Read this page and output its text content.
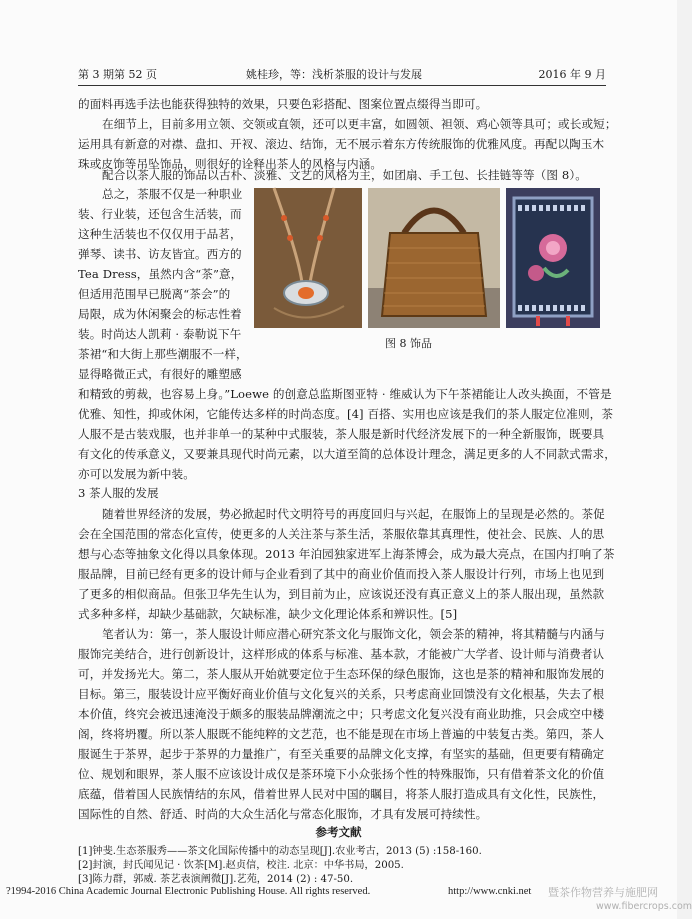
第 3 期第 52 页	姚桂珍，等：浅析茶服的设计与发展	2016 年 9 月
的面料再选手法也能获得独特的效果，只要色彩搭配、图案位置点缀得当即可。
在细节上，目前多用立领、交领或直领，还可以更丰富，如圆领、袒领、鸡心领等具可；或长或短；
运用具有新意的对襟、盘扣、开衩、滚边、结饰，无不展示着东方传统服饰的优雅风度。再配以陶玉木
珠或皮饰等吊坠饰品，则很好的诠释出茶人的风格与内涵。
配合以茶人服的饰品以古朴、淡雅、文艺的风格为主，如团扇、手工包、长挂链等等（图 8）。
总之，茶服不仅是一种职业
装、行业装，还包含生活装，而
这种生活装也不仅仅用于品茗，
弹琴、读书、访友皆宜。西方的
Tea Dress，虽然内含“茶”意，
但适用范围早已脱离“茶会”的
局限，成为休闲聚会的标志性着
装。时尚达人凯莉 · 泰勒说下午
茶裙“和大街上那些潮服不一样，
显得略微正式，有很好的雕塑感
图 8 饰品
和精致的剪裁，也容易上身。”Loewe 的创意总监斯图亚特 · 维威认为下午茶裙能让人改头换面，不管是
优雅、知性，抑或休闲，它能传达多样的时尚态度。[4] 百搭、实用也应该是我们的茶人服定位准则，茶
人服不是古装戏服，也并非单一的某种中式服装，茶人服是新时代经济发展下的一种全新服饰，既要具
有文化的传承意义，又要兼具现代时尚元素，以大道至简的总体设计理念，满足更多的人不同款式需求，
亦可以发展为新中装。
3 茶人服的发展
随着世界经济的发展，势必掀起时代文明符号的再度回归与兴起，在服饰上的呈现是必然的。茶促
会在全国范围的常态化宣传，使更多的人关注茶与茶生活，茶服依靠其真理性，使社会、民族、人的思
想与心态等抽象文化得以具象体现。2013 年泊园独家进军上海茶博会，成为最大亮点，在国内打响了茶
服品牌，目前已经有更多的设计师与企业看到了其中的商业价值而投入茶人服设计行列，市场上也见到
了更多的相似商品。但张卫华先生认为，到目前为止，应该说还没有真正意义上的茶人服出现，虽然款
式多种多样，却缺少基础款，欠缺标准，缺少文化理论体系和辨识性。[5]
笔者认为：第一，茶人服设计师应潜心研究茶文化与服饰文化，领会茶的精神，将其精髓与内涵与
服饰完美结合，进行创新设计，这样形成的体系与标准、基本款，才能被广大学者、设计师与消费者认
可，并发扬光大。第二，茶人服从开始就要定位于生态环保的绿色服饰，这也是茶的精神和服饰发展的
目标。第三，服装设计应平衡好商业价值与文化复兴的关系，只考虑商业回馈没有文化根基，失去了根
本价值，终究会被迅速淹没于颇多的服装品牌潮流之中；只考虑文化复兴没有商业助推，只会成空中楼
阁，终将坍覆。所以茶人服既不能纯粹的文艺范，也不能是现在市场上普遍的中装复古类。第四，茶人
服诞生于茶界，起步于茶界的力量推广，有至关重要的品牌文化支撑，有坚实的基础，但更要有精确定
位、规划和眼界，茶人服不应该设计成仅是茶环境下小众张扬个性的特殊服饰，只有借着茶文化的价值
底蕴，借着国人民族情结的东风，借着世界人民对中国的瞩目，将茶人服打造成具有文化性，民族性，
国际性的自然、舒适、时尚的大众生活化与常态化服饰，才具有发展可持续性。
参考文献
[1]钟斐.生态茶服秀——茶文化国际传播中的动态呈现[J].农业考古，2013 (5) :158-160.
[2]封演，封氏闻见记 · 饮茶[M].赵贞信，校注. 北京：中华书局，2005.
[3]陈力群，郭威. 茶艺表演阐微[J].艺苑，2014 (2) : 47-50.
?1994-2016 China Academic Journal Electronic Publishing House. All rights reserved.	http://www.cnki.net 暨茶作物营养与施肥网
www.fibercrops.com
